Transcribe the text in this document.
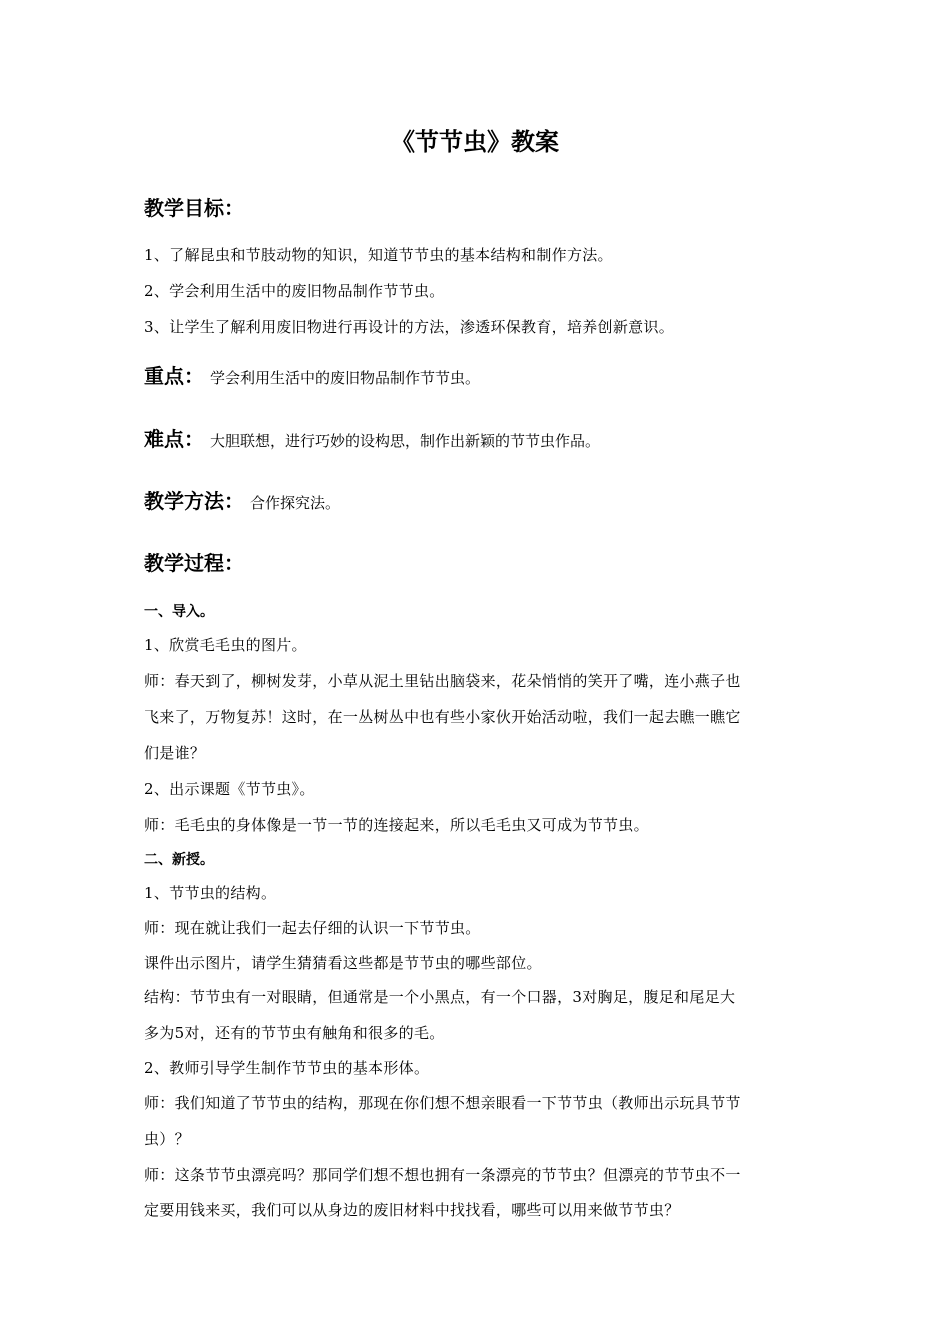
《节节虫》教案
教学目标：
1、了解昆虫和节肢动物的知识，知道节节虫的基本结构和制作方法。
2、学会利用生活中的废旧物品制作节节虫。
3、让学生了解利用废旧物进行再设计的方法，渗透环保教育，培养创新意识。
重点： 学会利用生活中的废旧物品制作节节虫。
难点： 大胆联想，进行巧妙的设构思，制作出新颖的节节虫作品。
教学方法： 合作探究法。
教学过程：
一、导入。
1、欣赏毛毛虫的图片。
师：春天到了，柳树发芽，小草从泥土里钻出脑袋来，花朵悄悄的笑开了嘴，连小燕子也
飞来了，万物复苏！这时，在一丛树丛中也有些小家伙开始活动啦，我们一起去瞧一瞧它
们是谁？
2、出示课题《节节虫》。
师：毛毛虫的身体像是一节一节的连接起来，所以毛毛虫又可成为节节虫。
二、新授。
1、节节虫的结构。
师：现在就让我们一起去仔细的认识一下节节虫。
课件出示图片，请学生猜猜看这些都是节节虫的哪些部位。
结构：节节虫有一对眼睛，但通常是一个小黑点，有一个口器，3对胸足，腹足和尾足大
多为5对，还有的节节虫有触角和很多的毛。
2、教师引导学生制作节节虫的基本形体。
师：我们知道了节节虫的结构，那现在你们想不想亲眼看一下节节虫（教师出示玩具节节
虫）？
师：这条节节虫漂亮吗？那同学们想不想也拥有一条漂亮的节节虫？但漂亮的节节虫不一
定要用钱来买，我们可以从身边的废旧材料中找找看，哪些可以用来做节节虫？
